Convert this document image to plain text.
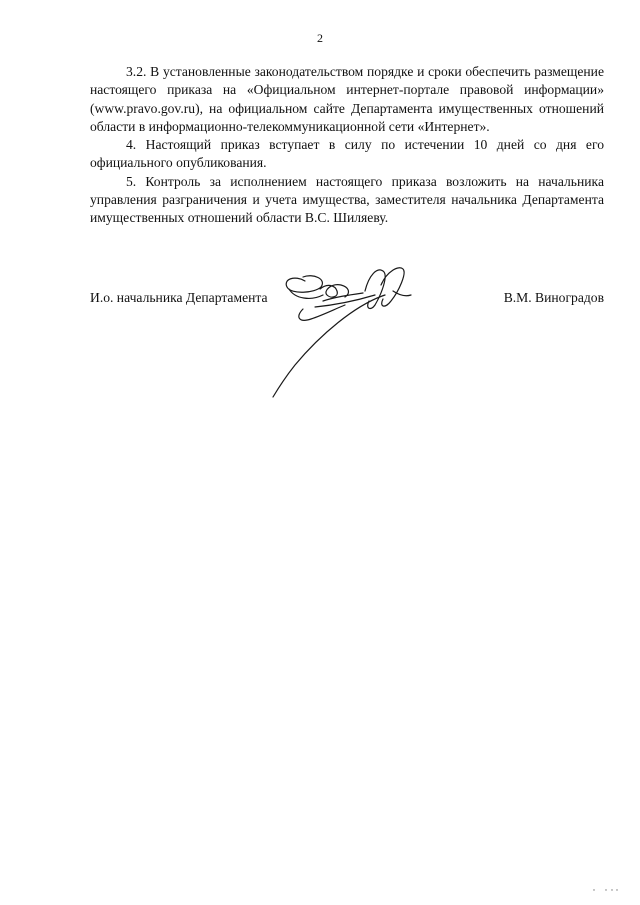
2

3.2. В установленные законодательством порядке и сроки обеспечить размещение настоящего приказа на «Официальном интернет-портале правовой информации» (www.pravo.gov.ru), на официальном сайте Департамента имущественных отношений области в информационно-телекоммуникационной сети «Интернет».

4. Настоящий приказ вступает в силу по истечении 10 дней со дня его официального опубликования.

5. Контроль за исполнением настоящего приказа возложить на начальника управления разграничения и учета имущества, заместителя начальника Департамента имущественных отношений области В.С. Шиляеву.

И.о. начальника Департамента	В.М. Виноградов
